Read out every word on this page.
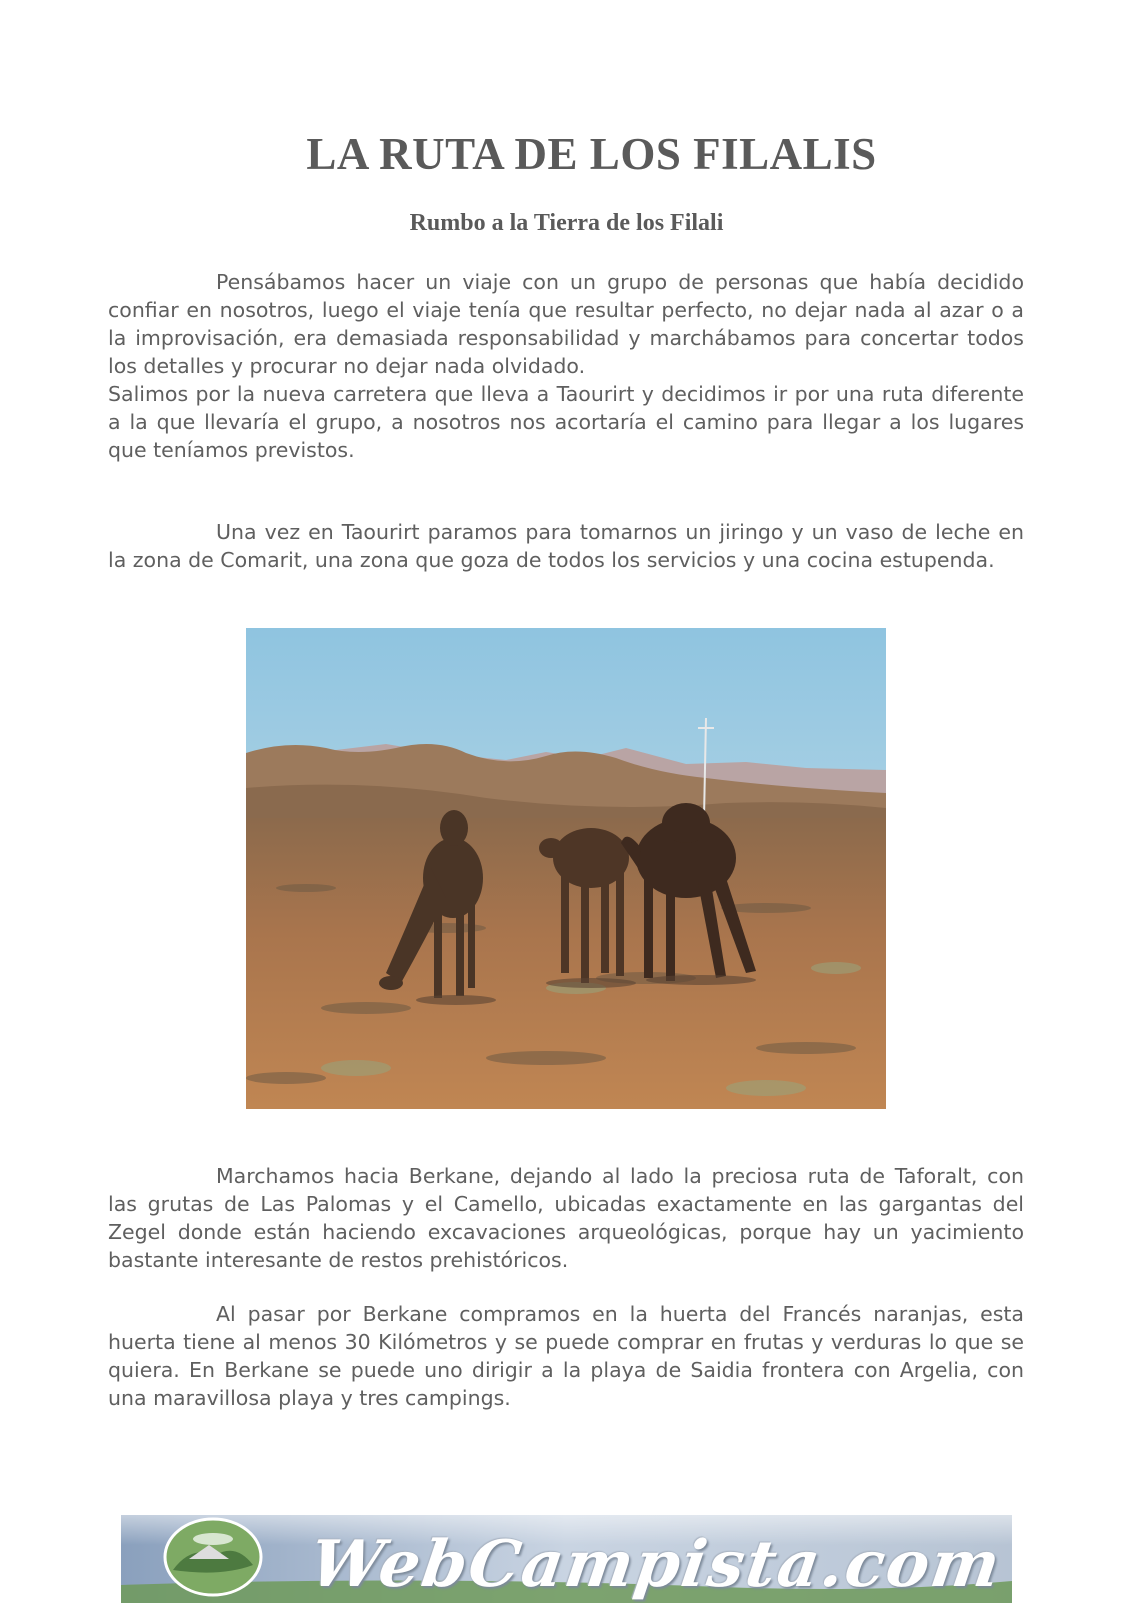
LA RUTA DE LOS FILALIS
Rumbo a la Tierra de los Filali
Pensábamos hacer un viaje con un grupo de personas que había decidido confiar en nosotros, luego el viaje tenía que resultar perfecto, no dejar nada al azar o a la improvisación, era demasiada responsabilidad y marchábamos para concertar todos los detalles y procurar no dejar nada olvidado.
Salimos por la nueva carretera que lleva a Taourirt y decidimos ir por una ruta diferente a la que llevaría el grupo, a nosotros nos acortaría el camino para llegar a los lugares que teníamos previstos.
Una vez en Taourirt paramos para tomarnos un jiringo y un vaso de leche en la zona de Comarit, una zona que goza de todos los servicios y una cocina estupenda.
Marchamos hacia Berkane, dejando al lado la preciosa ruta de Taforalt, con las grutas de Las Palomas y el Camello, ubicadas exactamente en las gargantas del Zegel donde están haciendo excavaciones arqueológicas, porque hay un yacimiento bastante interesante de restos prehistóricos.
Al pasar por Berkane compramos en la huerta del Francés naranjas, esta huerta tiene al menos 30 Kilómetros y se puede comprar en frutas y verduras lo que se quiera. En Berkane se puede uno dirigir a la playa de Saidia frontera con Argelia, con una maravillosa playa y tres campings.
WebCampista.com
